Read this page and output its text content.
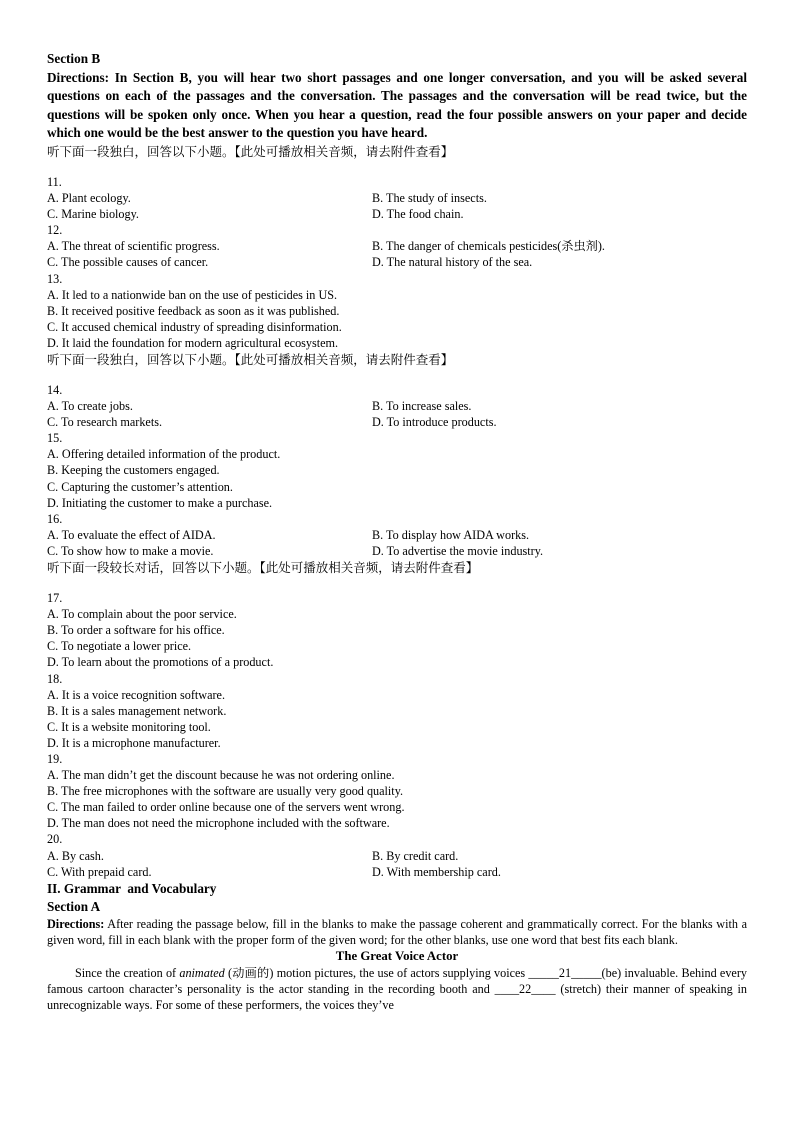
Section B
Directions: In Section B, you will hear two short passages and one longer conversation, and you will be asked several questions on each of the passages and the conversation. The passages and the conversation will be read twice, but the questions will be spoken only once. When you hear a question, read the four possible answers on your paper and decide which one would be the best answer to the question you have heard.
听下面一段独白，回答以下小题。【此处可播放相关音频，请去附件查看】
11.
A. Plant ecology.	B. The study of insects.
C. Marine biology.	D. The food chain.
12.
A. The threat of scientific progress.	B. The danger of chemicals pesticides(杀虫剂).
C. The possible causes of cancer.	D. The natural history of the sea.
13.
A. It led to a nationwide ban on the use of pesticides in US.
B. It received positive feedback as soon as it was published.
C. It accused chemical industry of spreading disinformation.
D. It laid the foundation for modern agricultural ecosystem.
听下面一段独白，回答以下小题。【此处可播放相关音频，请去附件查看】
14.
A. To create jobs.	B. To increase sales.
C. To research markets.	D. To introduce products.
15.
A. Offering detailed information of the product.
B. Keeping the customers engaged.
C. Capturing the customer’s attention.
D. Initiating the customer to make a purchase.
16.
A. To evaluate the effect of AIDA.	B. To display how AIDA works.
C. To show how to make a movie.	D. To advertise the movie industry.
听下面一段较长对话，回答以下小题。【此处可播放相关音频，请去附件查看】
17.
A. To complain about the poor service.
B. To order a software for his office.
C. To negotiate a lower price.
D. To learn about the promotions of a product.
18.
A. It is a voice recognition software.
B. It is a sales management network.
C. It is a website monitoring tool.
D. It is a microphone manufacturer.
19.
A. The man didn’t get the discount because he was not ordering online.
B. The free microphones with the software are usually very good quality.
C. The man failed to order online because one of the servers went wrong.
D. The man does not need the microphone included with the software.
20.
A. By cash.	B. By credit card.
C. With prepaid card.	D. With membership card.
II. Grammar  and Vocabulary
Section A
Directions: After reading the passage below, fill in the blanks to make the passage coherent and grammatically correct. For the blanks with a given word, fill in each blank with the proper form of the given word; for the other blanks, use one word that best fits each blank.
The Great Voice Actor
Since the creation of animated (动画的) motion pictures, the use of actors supplying voices _____21_____(be) invaluable. Behind every famous cartoon character’s personality is the actor standing in the recording booth and ____22____ (stretch) their manner of speaking in unrecognizable ways. For some of these performers, the voices they’ve
